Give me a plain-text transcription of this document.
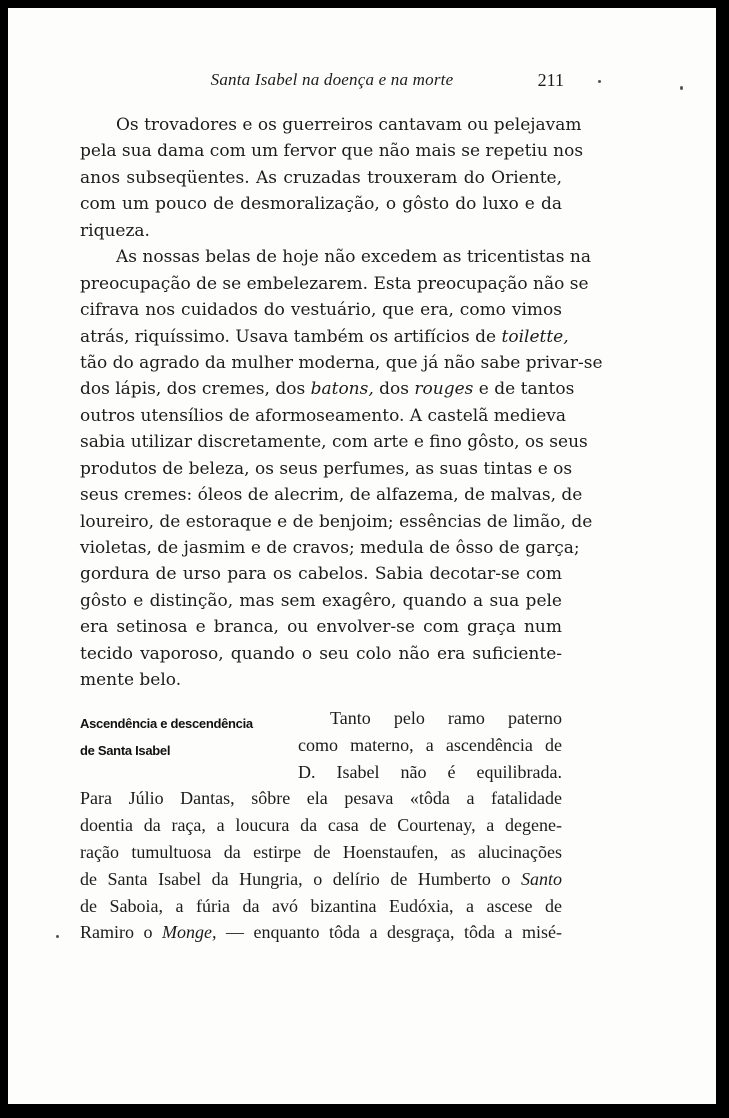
Santa Isabel na doença e na morte	211
Os trovadores e os guerreiros cantavam ou pelejavam
pela sua dama com um fervor que não mais se repetiu nos
anos subseqüentes. As cruzadas trouxeram do Oriente,
com um pouco de desmoralização, o gôsto do luxo e da
riqueza.
As nossas belas de hoje não excedem as tricentistas na
preocupação de se embelezarem. Esta preocupação não se
cifrava nos cuidados do vestuário, que era, como vimos
atrás, riquíssimo. Usava também os artifícios de toilette,
tão do agrado da mulher moderna, que já não sabe privar-se
dos lápis, dos cremes, dos batons, dos rouges e de tantos
outros utensílios de aformoseamento. A castelã medieva
sabia utilizar discretamente, com arte e fino gôsto, os seus
produtos de beleza, os seus perfumes, as suas tintas e os
seus cremes: óleos de alecrim, de alfazema, de malvas, de
loureiro, de estoraque e de benjoim; essências de limão, de
violetas, de jasmim e de cravos; medula de ôsso de garça;
gordura de urso para os cabelos. Sabia decotar-se com
gôsto e distinção, mas sem exagêro, quando a sua pele
era setinosa e branca, ou envolver-se com graça num
tecido vaporoso, quando o seu colo não era suficiente-
mente belo.
Ascendência e descendência
de Santa Isabel
Tanto pelo ramo paterno
como materno, a ascendência de
D. Isabel não é equilibrada.
Para Júlio Dantas, sôbre ela pesava «tôda a fatalidade
doentia da raça, a loucura da casa de Courtenay, a degene-
ração tumultuosa da estirpe de Hoenstaufen, as alucinações
de Santa Isabel da Hungria, o delírio de Humberto o Santo
de Saboia, a fúria da avó bizantina Eudóxia, a ascese de
Ramiro o Monge, — enquanto tôda a desgraça, tôda a misé-
